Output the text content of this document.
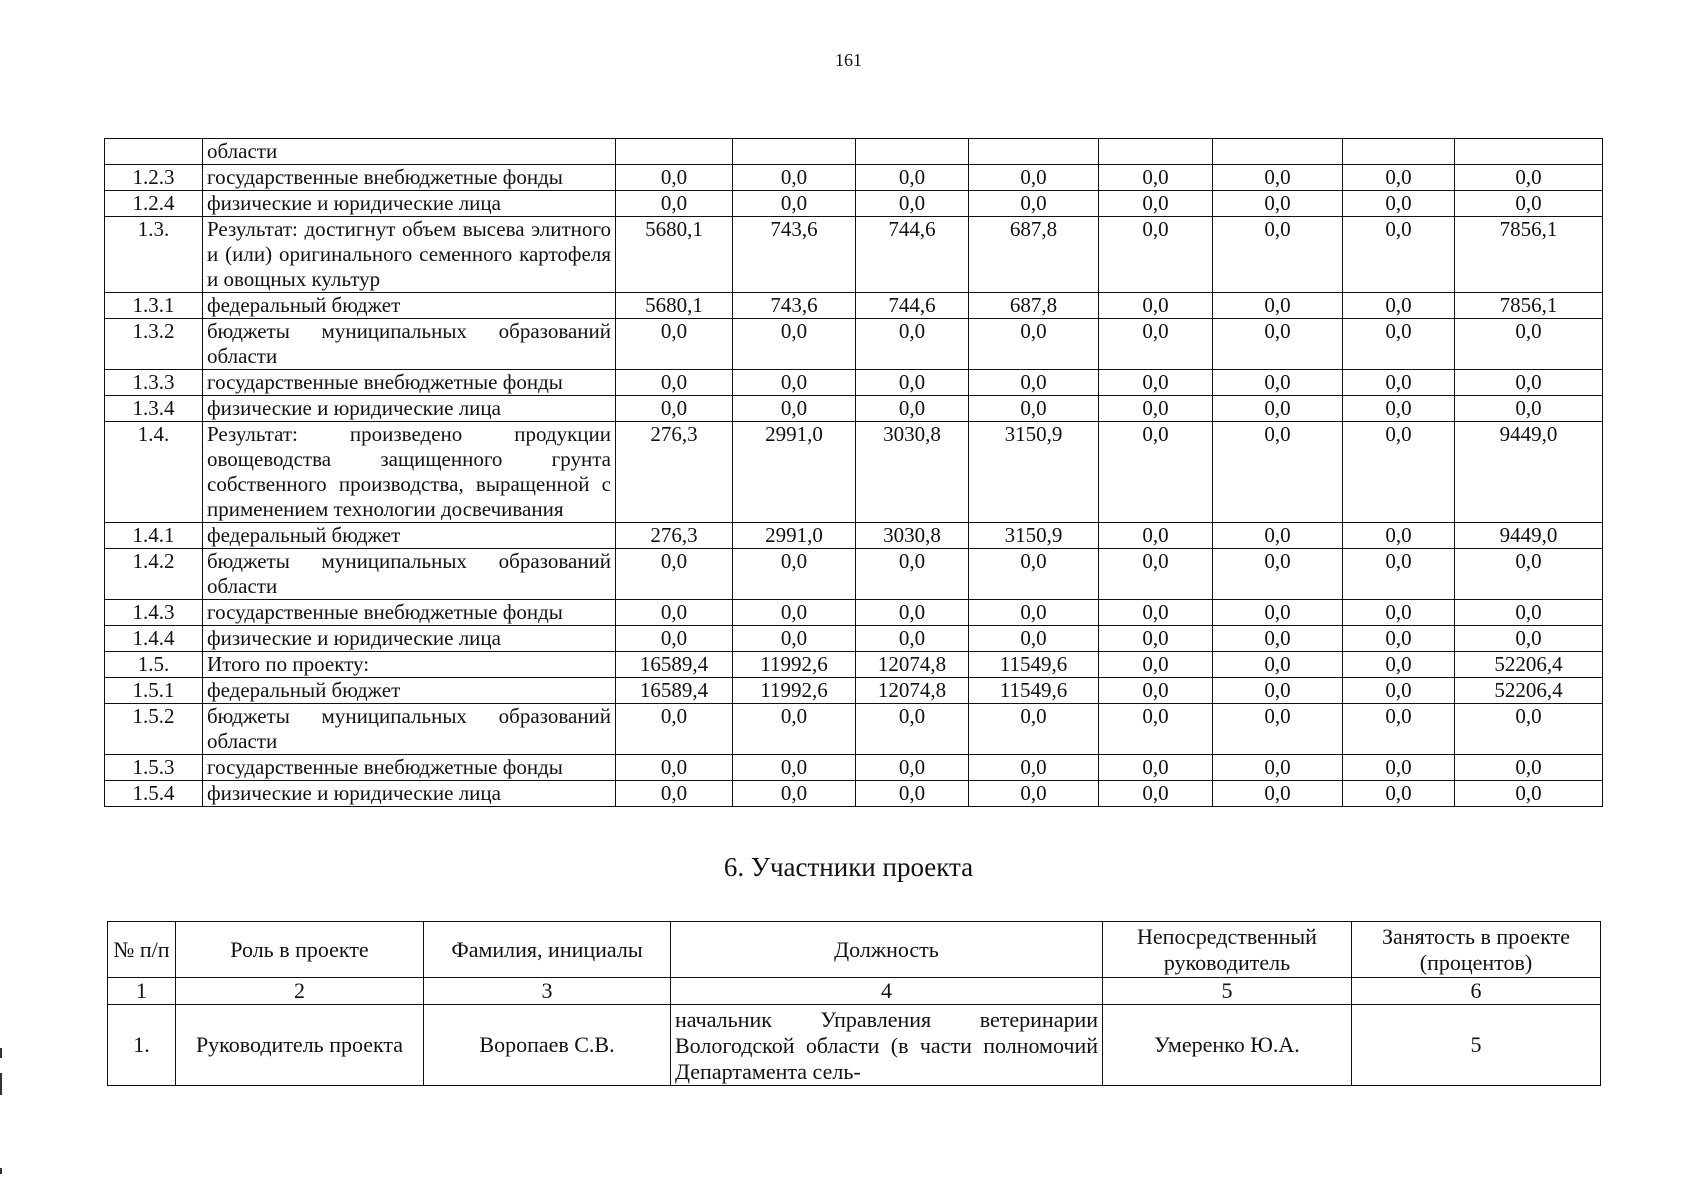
161
	области								
1.2.3	государственные внебюджетные фонды	0,0	0,0	0,0	0,0	0,0	0,0	0,0	0,0
1.2.4	физические и юридические лица	0,0	0,0	0,0	0,0	0,0	0,0	0,0	0,0
1.3.	Результат: достигнут объем высева элитного и (или) оригинального семенного картофеля и овощных культур	5680,1	743,6	744,6	687,8	0,0	0,0	0,0	7856,1
1.3.1	федеральный бюджет	5680,1	743,6	744,6	687,8	0,0	0,0	0,0	7856,1
1.3.2	бюджеты муниципальных образований области	0,0	0,0	0,0	0,0	0,0	0,0	0,0	0,0
1.3.3	государственные внебюджетные фонды	0,0	0,0	0,0	0,0	0,0	0,0	0,0	0,0
1.3.4	физические и юридические лица	0,0	0,0	0,0	0,0	0,0	0,0	0,0	0,0
1.4.	Результат: произведено продукции овощеводства защищенного грунта собственного производства, выращенной с применением технологии досвечивания	276,3	2991,0	3030,8	3150,9	0,0	0,0	0,0	9449,0
1.4.1	федеральный бюджет	276,3	2991,0	3030,8	3150,9	0,0	0,0	0,0	9449,0
1.4.2	бюджеты муниципальных образований области	0,0	0,0	0,0	0,0	0,0	0,0	0,0	0,0
1.4.3	государственные внебюджетные фонды	0,0	0,0	0,0	0,0	0,0	0,0	0,0	0,0
1.4.4	физические и юридические лица	0,0	0,0	0,0	0,0	0,0	0,0	0,0	0,0
1.5.	Итого по проекту:	16589,4	11992,6	12074,8	11549,6	0,0	0,0	0,0	52206,4
1.5.1	федеральный бюджет	16589,4	11992,6	12074,8	11549,6	0,0	0,0	0,0	52206,4
1.5.2	бюджеты муниципальных образований области	0,0	0,0	0,0	0,0	0,0	0,0	0,0	0,0
1.5.3	государственные внебюджетные фонды	0,0	0,0	0,0	0,0	0,0	0,0	0,0	0,0
1.5.4	физические и юридические лица	0,0	0,0	0,0	0,0	0,0	0,0	0,0	0,0
6. Участники проекта
№ п/п	Роль в проекте	Фамилия, инициалы	Должность	Непосредственный руководитель	Занятость в проекте (процентов)
1	2	3	4	5	6
1.	Руководитель проекта	Воропаев С.В.	начальник Управления ветеринарии Вологодской области (в части полномочий Департамента сель-	Умеренко Ю.А.	5
